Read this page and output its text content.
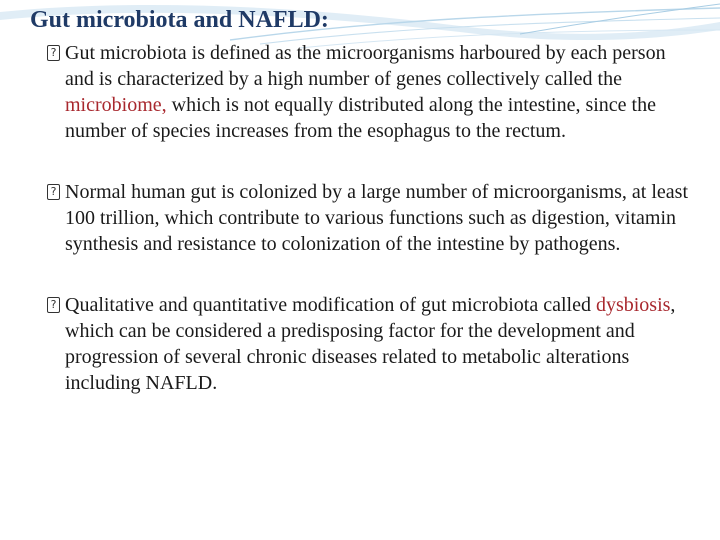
Gut microbiota and NAFLD:
? Gut microbiota is defined as the microorganisms harboured by each person and is characterized by a high number of genes collectively called the microbiome, which is not equally distributed along the intestine, since the number of species increases from the esophagus to the rectum.
? Normal human gut is colonized by a large number of microorganisms, at least 100 trillion, which contribute to various functions such as digestion, vitamin synthesis and resistance to colonization of the intestine by pathogens.
? Qualitative and quantitative modification of gut microbiota called dysbiosis, which can be considered a predisposing factor for the development and progression of several chronic diseases related to metabolic alterations including NAFLD.
